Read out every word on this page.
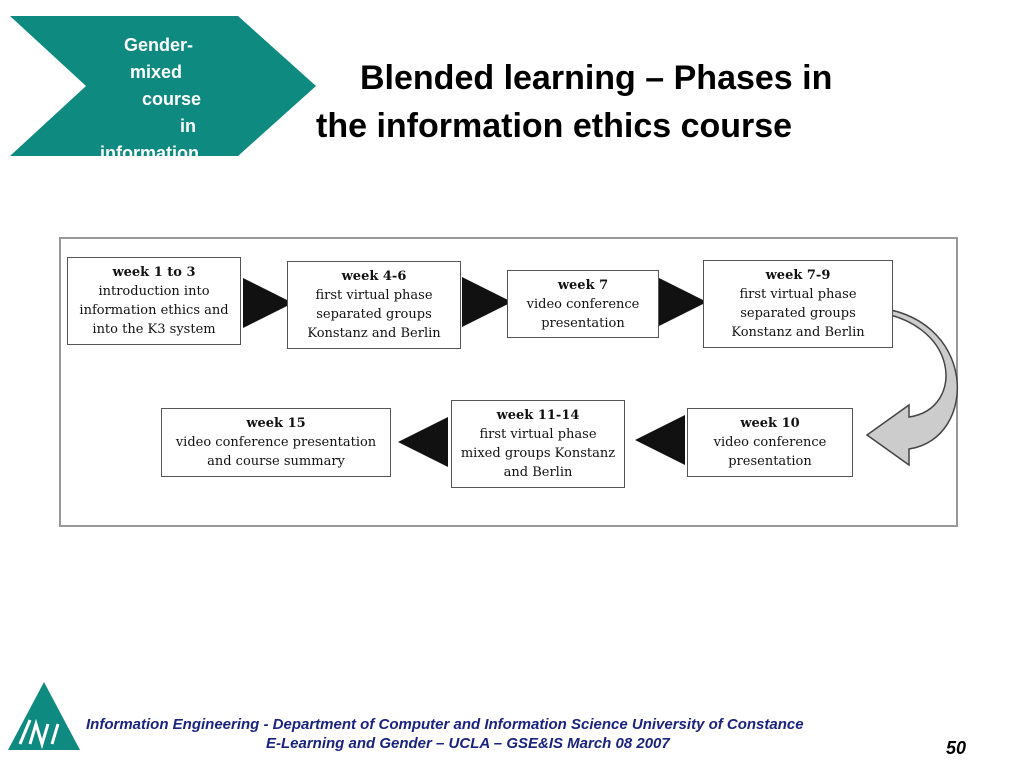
Gender-
mixed
course
in
information
Blended learning – Phases in
the information ethics course
week 1 to 3
introduction into
information ethics and
into the K3 system
week 4-6
first virtual phase
separated groups
Konstanz and Berlin
week 7
video conference
presentation
week 7-9
first virtual phase
separated groups
Konstanz and Berlin
week 15
video conference presentation
and course summary
week 11-14
first virtual phase
mixed groups Konstanz
and Berlin
week 10
video conference
presentation
Information Engineering - Department of Computer and Information Science University of Constance
E-Learning and Gender – UCLA – GSE&IS March 08 2007	50
